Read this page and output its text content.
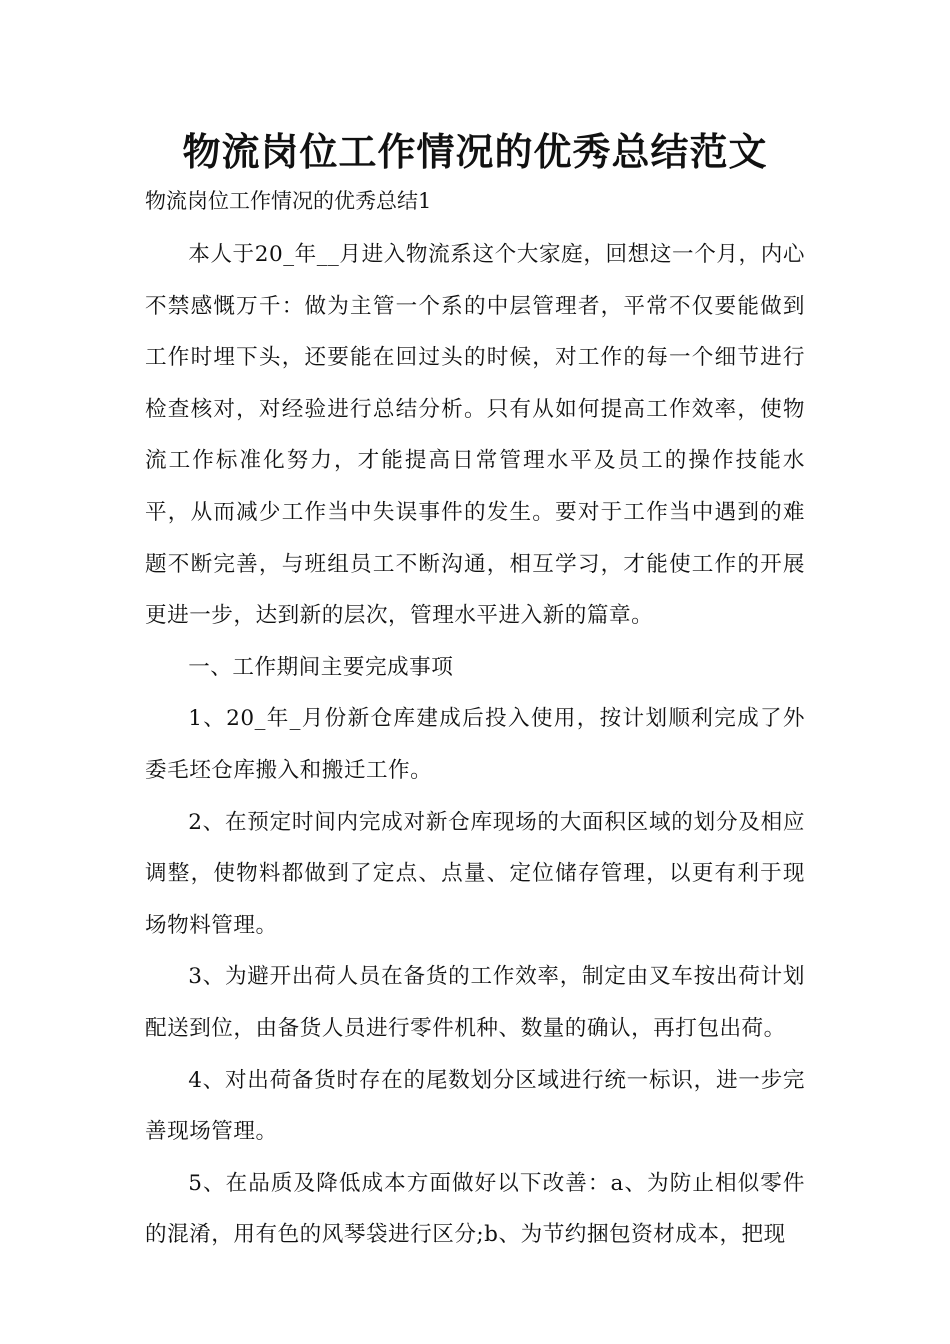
物流岗位工作情况的优秀总结范文

物流岗位工作情况的优秀总结1

本人于20_年__月进入物流系这个大家庭，回想这一个月，内心不禁感慨万千：做为主管一个系的中层管理者，平常不仅要能做到工作时埋下头，还要能在回过头的时候，对工作的每一个细节进行检查核对，对经验进行总结分析。只有从如何提高工作效率，使物流工作标准化努力，才能提高日常管理水平及员工的操作技能水平，从而减少工作当中失误事件的发生。要对于工作当中遇到的难题不断完善，与班组员工不断沟通，相互学习，才能使工作的开展更进一步，达到新的层次，管理水平进入新的篇章。

一、工作期间主要完成事项

1、20_年_月份新仓库建成后投入使用，按计划顺利完成了外委毛坯仓库搬入和搬迁工作。

2、在预定时间内完成对新仓库现场的大面积区域的划分及相应调整，使物料都做到了定点、点量、定位储存管理，以更有利于现场物料管理。

3、为避开出荷人员在备货的工作效率，制定由叉车按出荷计划配送到位，由备货人员进行零件机种、数量的确认，再打包出荷。

4、对出荷备货时存在的尾数划分区域进行统一标识，进一步完善现场管理。

5、在品质及降低成本方面做好以下改善：a、为防止相似零件的混淆，用有色的风琴袋进行区分;b、为节约捆包资材成本，把现
